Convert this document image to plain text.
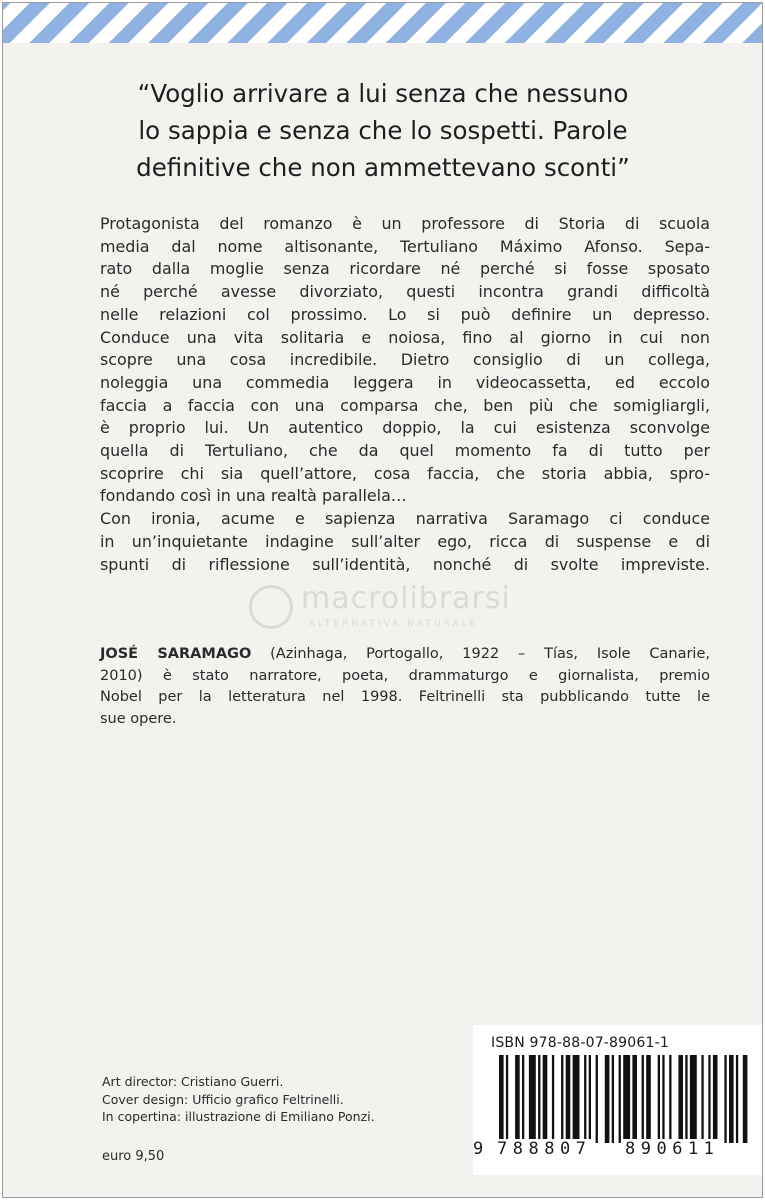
“Voglio arrivare a lui senza che nessuno
lo sappia e senza che lo sospetti. Parole
definitive che non ammettevano sconti”

Protagonista del romanzo è un professore di Storia di scuola
media dal nome altisonante, Tertuliano Máximo Afonso. Sepa-
rato dalla moglie senza ricordare né perché si fosse sposato
né perché avesse divorziato, questi incontra grandi difficoltà
nelle relazioni col prossimo. Lo si può definire un depresso.
Conduce una vita solitaria e noiosa, fino al giorno in cui non
scopre una cosa incredibile. Dietro consiglio di un collega,
noleggia una commedia leggera in videocassetta, ed eccolo
faccia a faccia con una comparsa che, ben più che somigliargli,
è proprio lui. Un autentico doppio, la cui esistenza sconvolge
quella di Tertuliano, che da quel momento fa di tutto per
scoprire chi sia quell’attore, cosa faccia, che storia abbia, spro-
fondando così in una realtà parallela…
Con ironia, acume e sapienza narrativa Saramago ci conduce
in un’inquietante indagine sull’alter ego, ricca di suspense e di
spunti di riflessione sull’identità, nonché di svolte impreviste.
macrolibrarsi
ALTERNATIVA NATURALE
JOSÉ SARAMAGO (Azinhaga, Portogallo, 1922 – Tías, Isole Canarie,
2010) è stato narratore, poeta, drammaturgo e giornalista, premio
Nobel per la letteratura nel 1998. Feltrinelli sta pubblicando tutte le
sue opere.
Art director: Cristiano Guerri.
Cover design: Ufficio grafico Feltrinelli.
In copertina: illustrazione di Emiliano Ponzi.
euro 9,50
ISBN 978-88-07-89061-1
9 788807 890611
